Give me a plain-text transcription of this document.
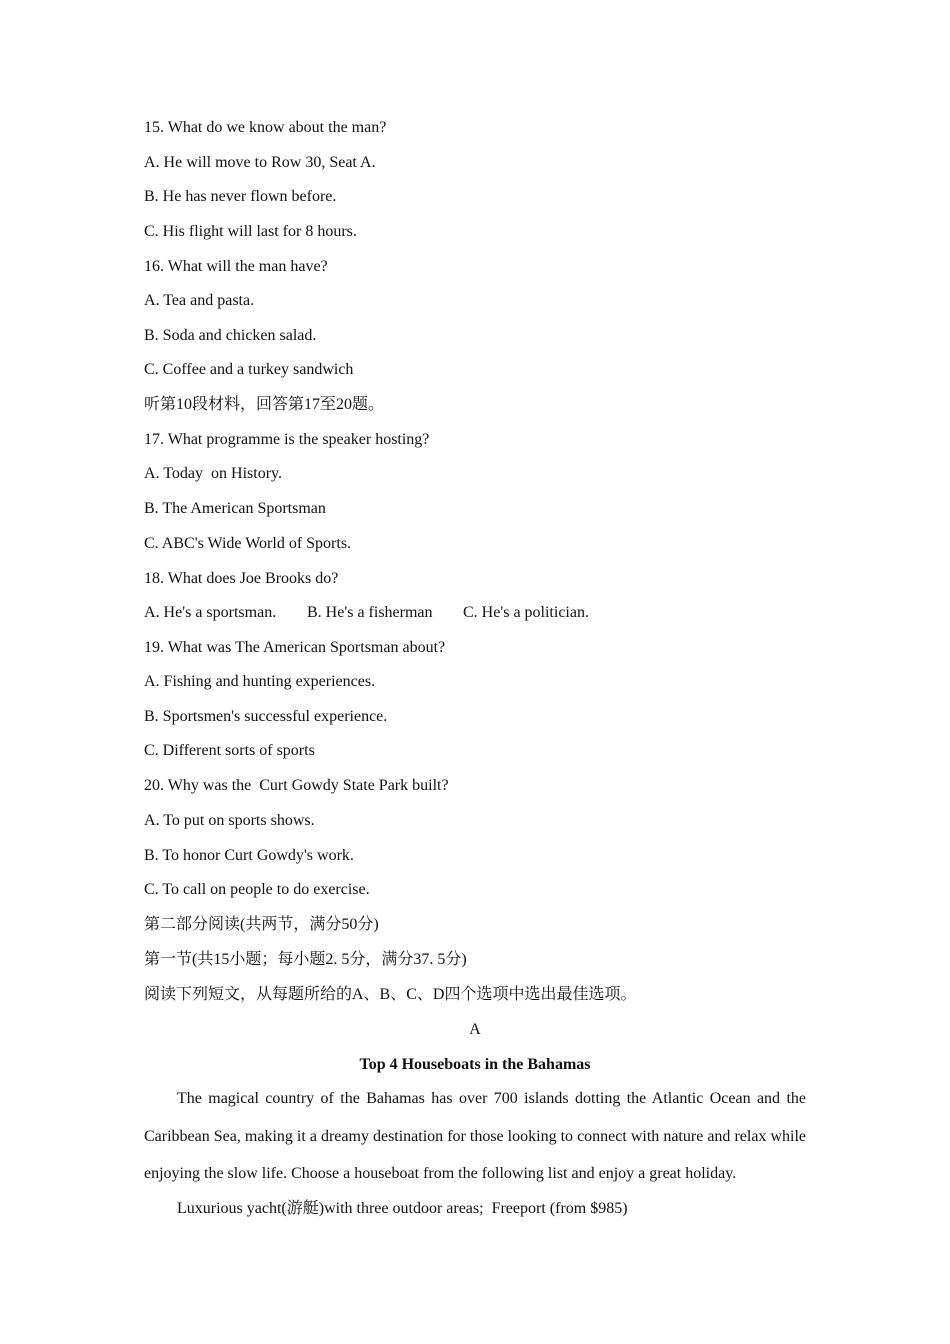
15. What do we know about the man?
A. He will move to Row 30, Seat A.
B. He has never flown before.
C. His flight will last for 8 hours.
16. What will the man have?
A. Tea and pasta.
B. Soda and chicken salad.
C. Coffee and a turkey sandwich
听第10段材料，回答第17至20题。
17. What programme is the speaker hosting?
A. Today  on History.
B. The American Sportsman
C. ABC's Wide World of Sports.
18. What does Joe Brooks do?
A. He's a sportsman. B. He's a fisherman C. He's a politician.
19. What was The American Sportsman about?
A. Fishing and hunting experiences.
B. Sportsmen's successful experience.
C. Different sorts of sports
20. Why was the  Curt Gowdy State Park built?
A. To put on sports shows.
B. To honor Curt Gowdy's work.
C. To call on people to do exercise.
第二部分阅读(共两节，满分50分)
第一节(共15小题；每小题2. 5分，满分37. 5分)
阅读下列短文，从每题所给的A、B、C、D四个选项中选出最佳选项。
A
Top 4 Houseboats in the Bahamas
The magical country of the Bahamas has over 700 islands dotting the Atlantic Ocean and the Caribbean Sea, making it a dreamy destination for those looking to connect with nature and relax while enjoying the slow life. Choose a houseboat from the following list and enjoy a great holiday.
Luxurious yacht(游艇)with three outdoor areas;  Freeport (from $985)
